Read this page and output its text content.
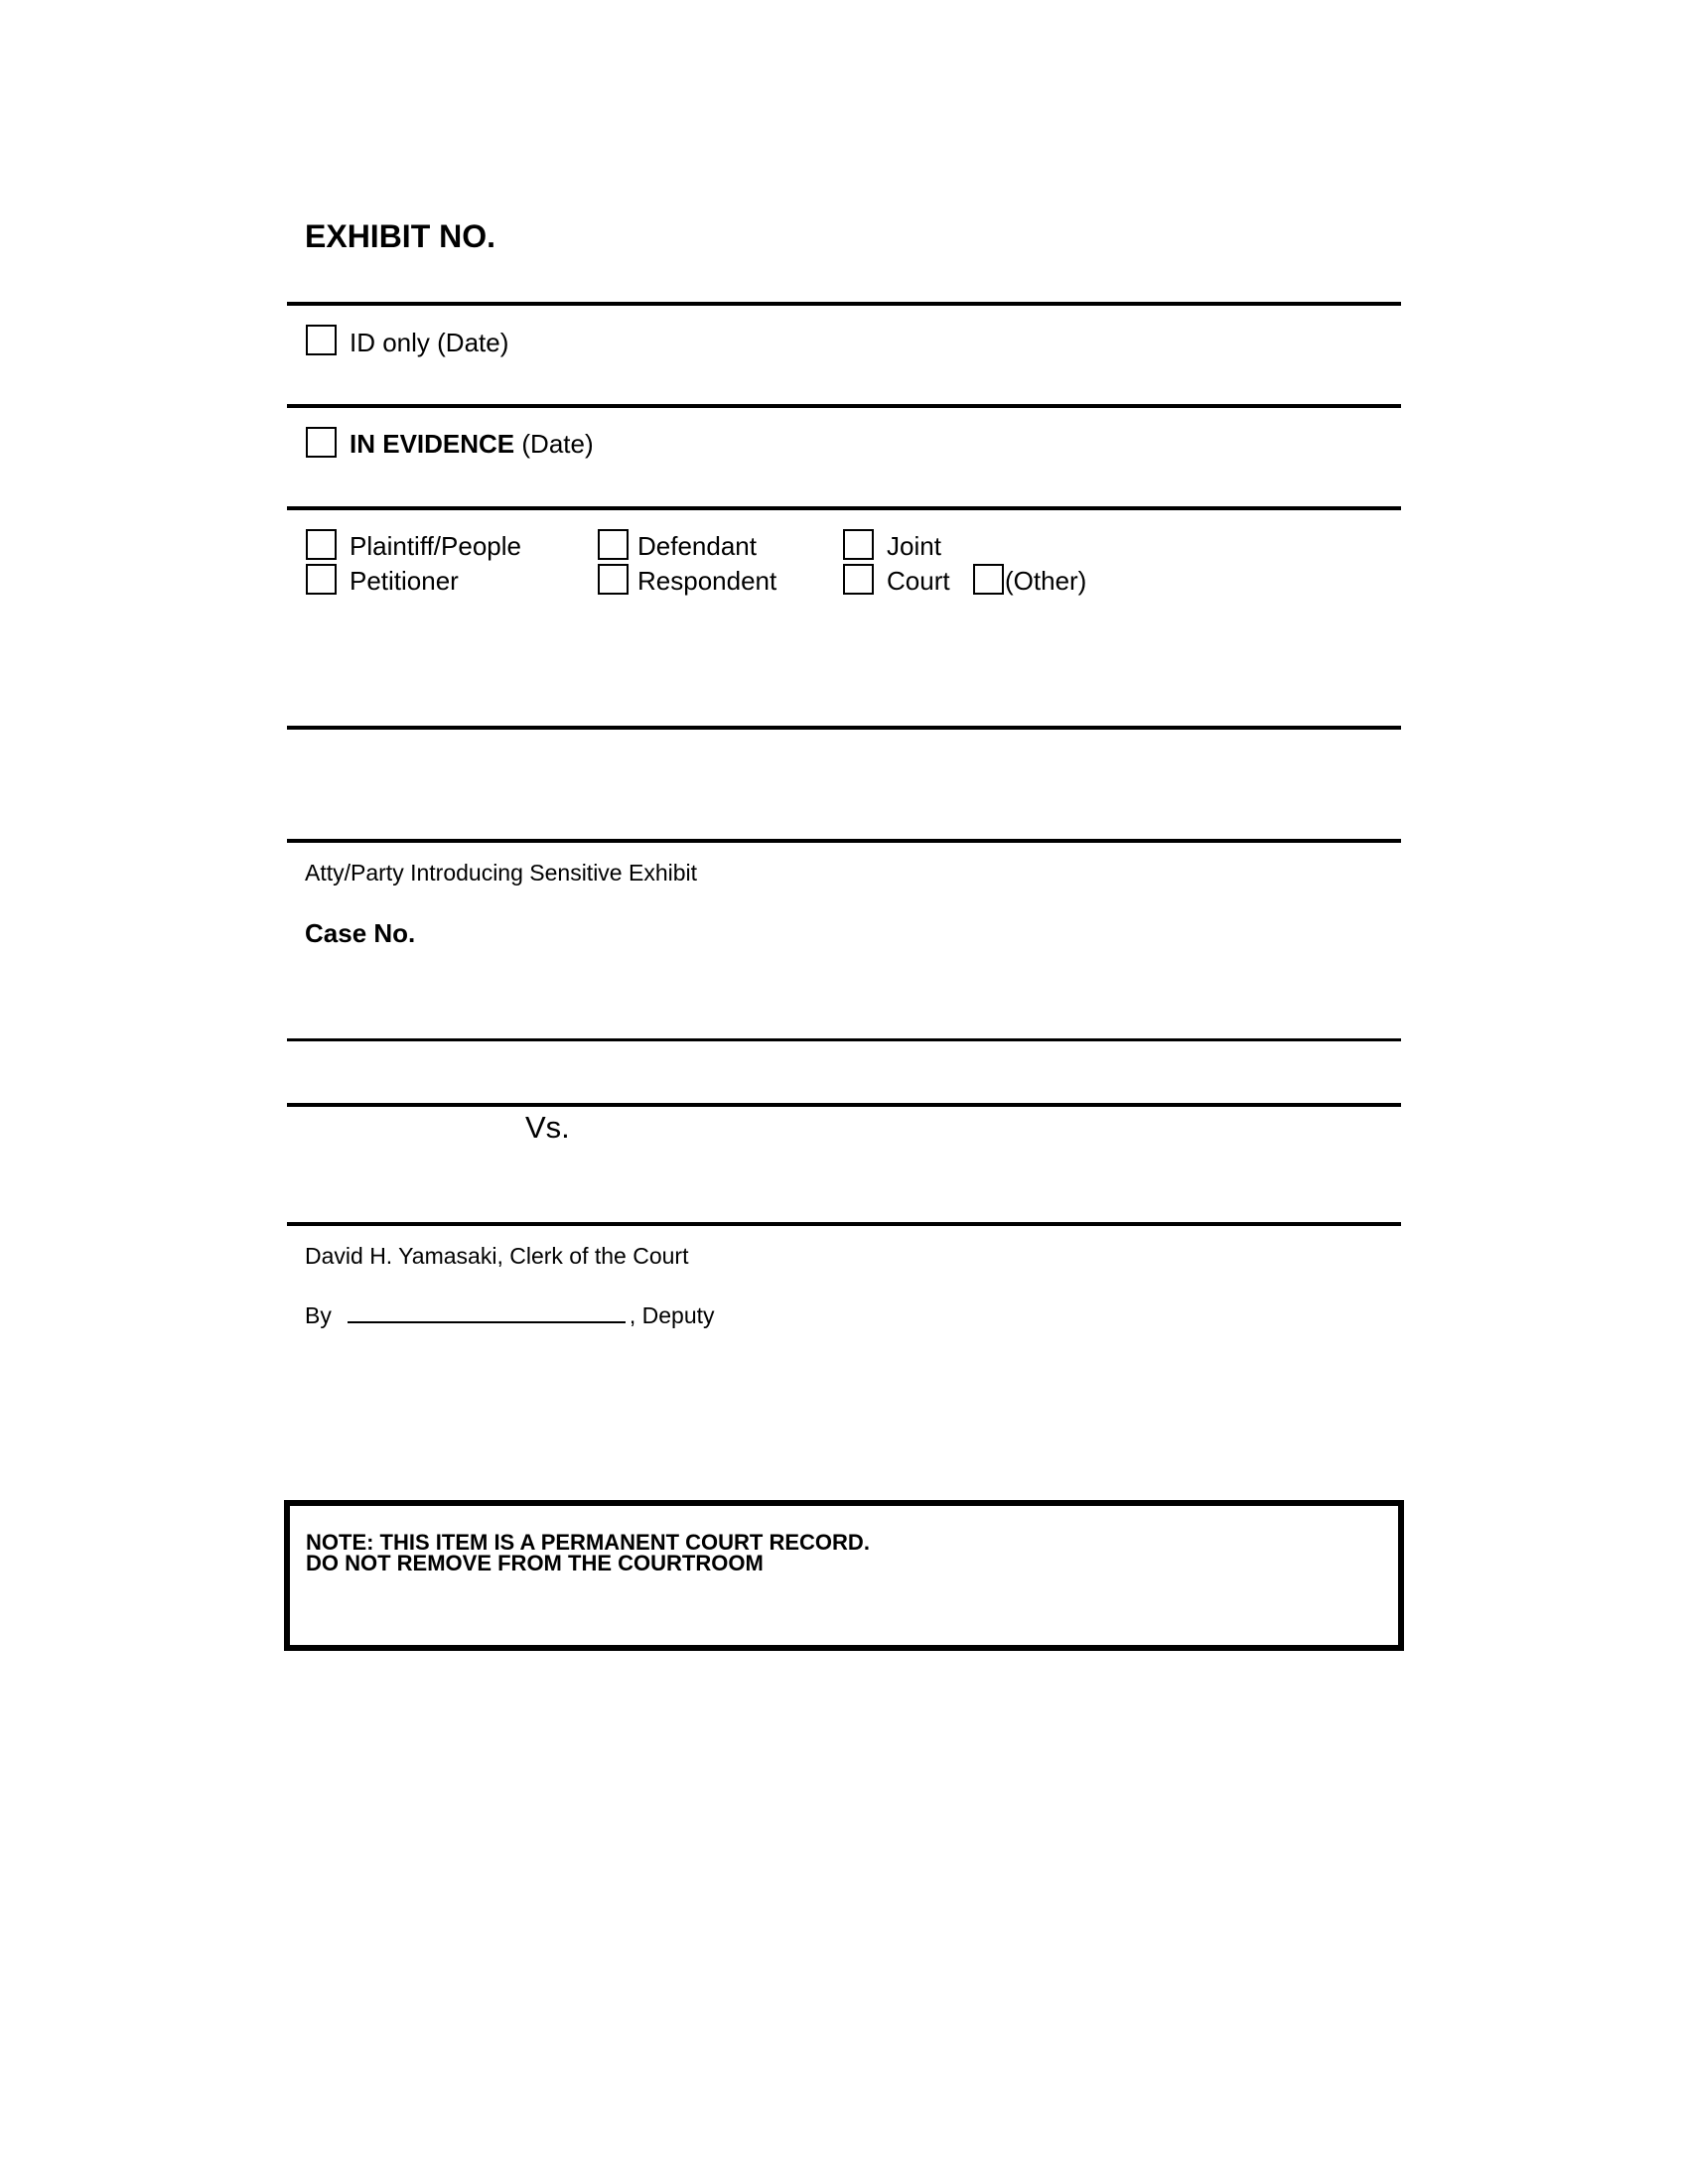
EXHIBIT NO.
ID only (Date)
IN EVIDENCE (Date)
Plaintiff/People	Defendant	Joint
Petitioner	Respondent	Court (Other)
Atty/Party Introducing Sensitive Exhibit
Case No.
Vs.
David H. Yamasaki, Clerk of the Court
By	, Deputy
NOTE: THIS ITEM IS A PERMANENT COURT RECORD.
DO NOT REMOVE FROM THE COURTROOM
